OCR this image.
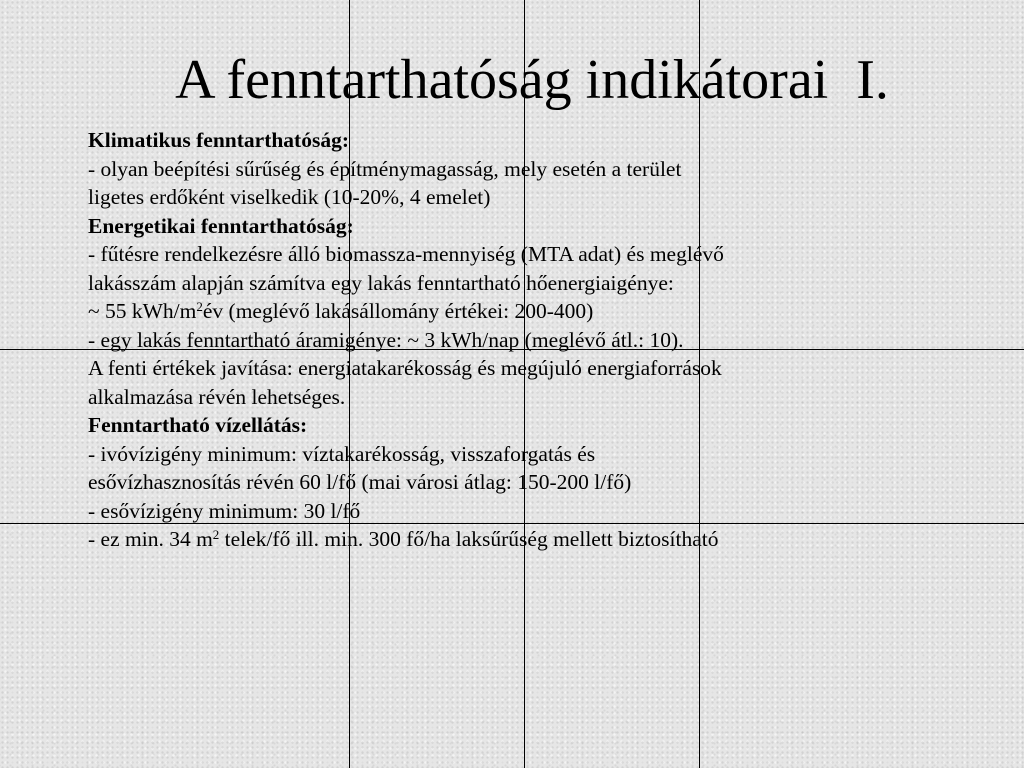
A fenntarthatóság indikátorai  I.
Klimatikus fenntarthatóság:
- olyan beépítési sűrűség és építménymagasság, mely esetén a terület
ligetes erdőként viselkedik (10-20%, 4 emelet)
Energetikai fenntarthatóság:
- fűtésre rendelkezésre álló biomassza-mennyiség (MTA adat) és meglévő
lakásszám alapján számítva egy lakás fenntartható hőenergiaigénye:
~ 55 kWh/$m^2év$ (meglévő lakásállomány értékei: 200-400)
- egy lakás fenntartható áramigénye: ~ 3 kWh/nap (meglévő átl.: 10).
A fenti értékek javítása: energiatakarékosság és megújuló energiaforrások
alkalmazása révén lehetséges.
Fenntartható vízellátás:
- ivóvízigény minimum: víztakarékosság, visszaforgatás és
esővízhasznosítás révén 60 l/fő (mai városi átlag: 150-200 l/fő)
- esővízigény minimum: 30 l/fő
- ez min. 34 $m^2$ telek/fő ill. min. 300 fő/ha laksűrűség mellett biztosítható
